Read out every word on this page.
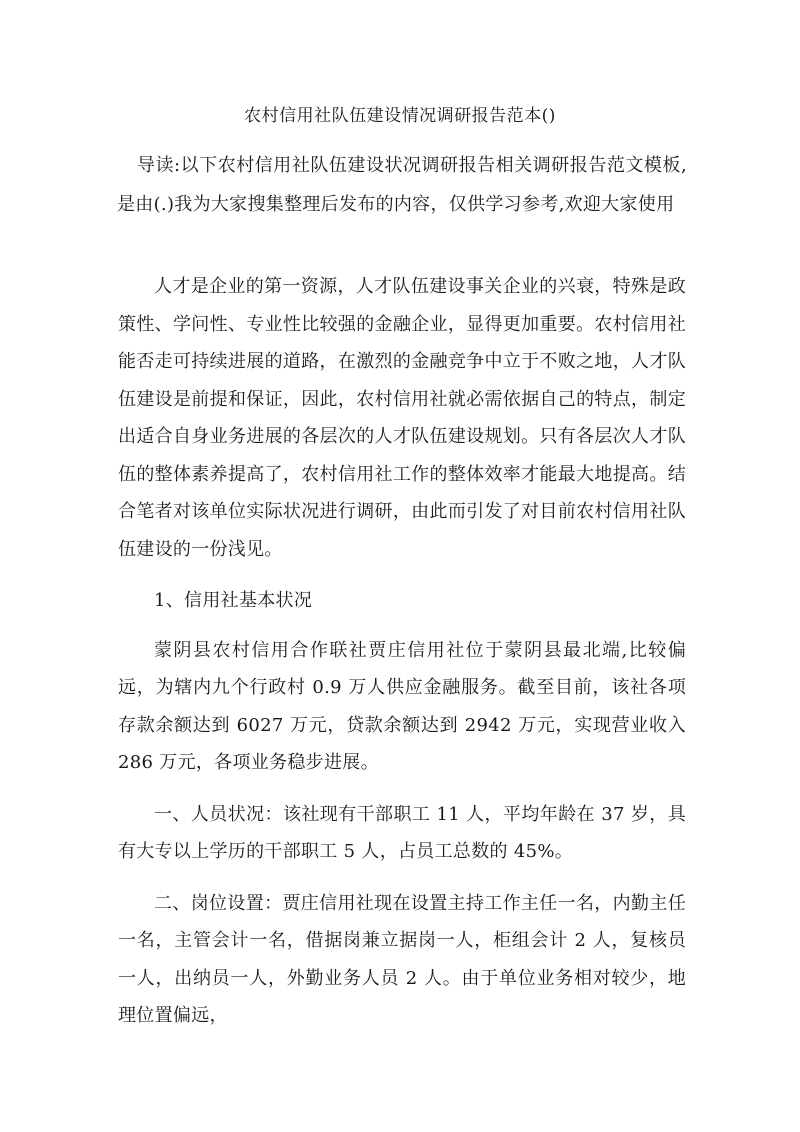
农村信用社队伍建设情况调研报告范本()
导读:以下农村信用社队伍建设状况调研报告相关调研报告范文模板,是由(.)我为大家搜集整理后发布的内容，仅供学习参考,欢迎大家使用

人才是企业的第一资源，人才队伍建设事关企业的兴衰，特殊是政策性、学问性、专业性比较强的金融企业，显得更加重要。农村信用社能否走可持续进展的道路，在激烈的金融竞争中立于不败之地，人才队伍建设是前提和保证，因此，农村信用社就必需依据自己的特点，制定出适合自身业务进展的各层次的人才队伍建设规划。只有各层次人才队伍的整体素养提高了，农村信用社工作的整体效率才能最大地提高。结合笔者对该单位实际状况进行调研，由此而引发了对目前农村信用社队伍建设的一份浅见。

1、信用社基本状况

蒙阴县农村信用合作联社贾庄信用社位于蒙阴县最北端,比较偏远，为辖内九个行政村 0.9 万人供应金融服务。截至目前，该社各项存款余额达到 6027 万元，贷款余额达到 2942 万元，实现营业收入 286 万元，各项业务稳步进展。

一、人员状况：该社现有干部职工 11 人，平均年龄在 37 岁，具有大专以上学历的干部职工 5 人，占员工总数的 45%。

二、岗位设置：贾庄信用社现在设置主持工作主任一名，内勤主任一名，主管会计一名，借据岗兼立据岗一人，柜组会计 2 人，复核员一人，出纳员一人，外勤业务人员 2 人。由于单位业务相对较少，地理位置偏远，
